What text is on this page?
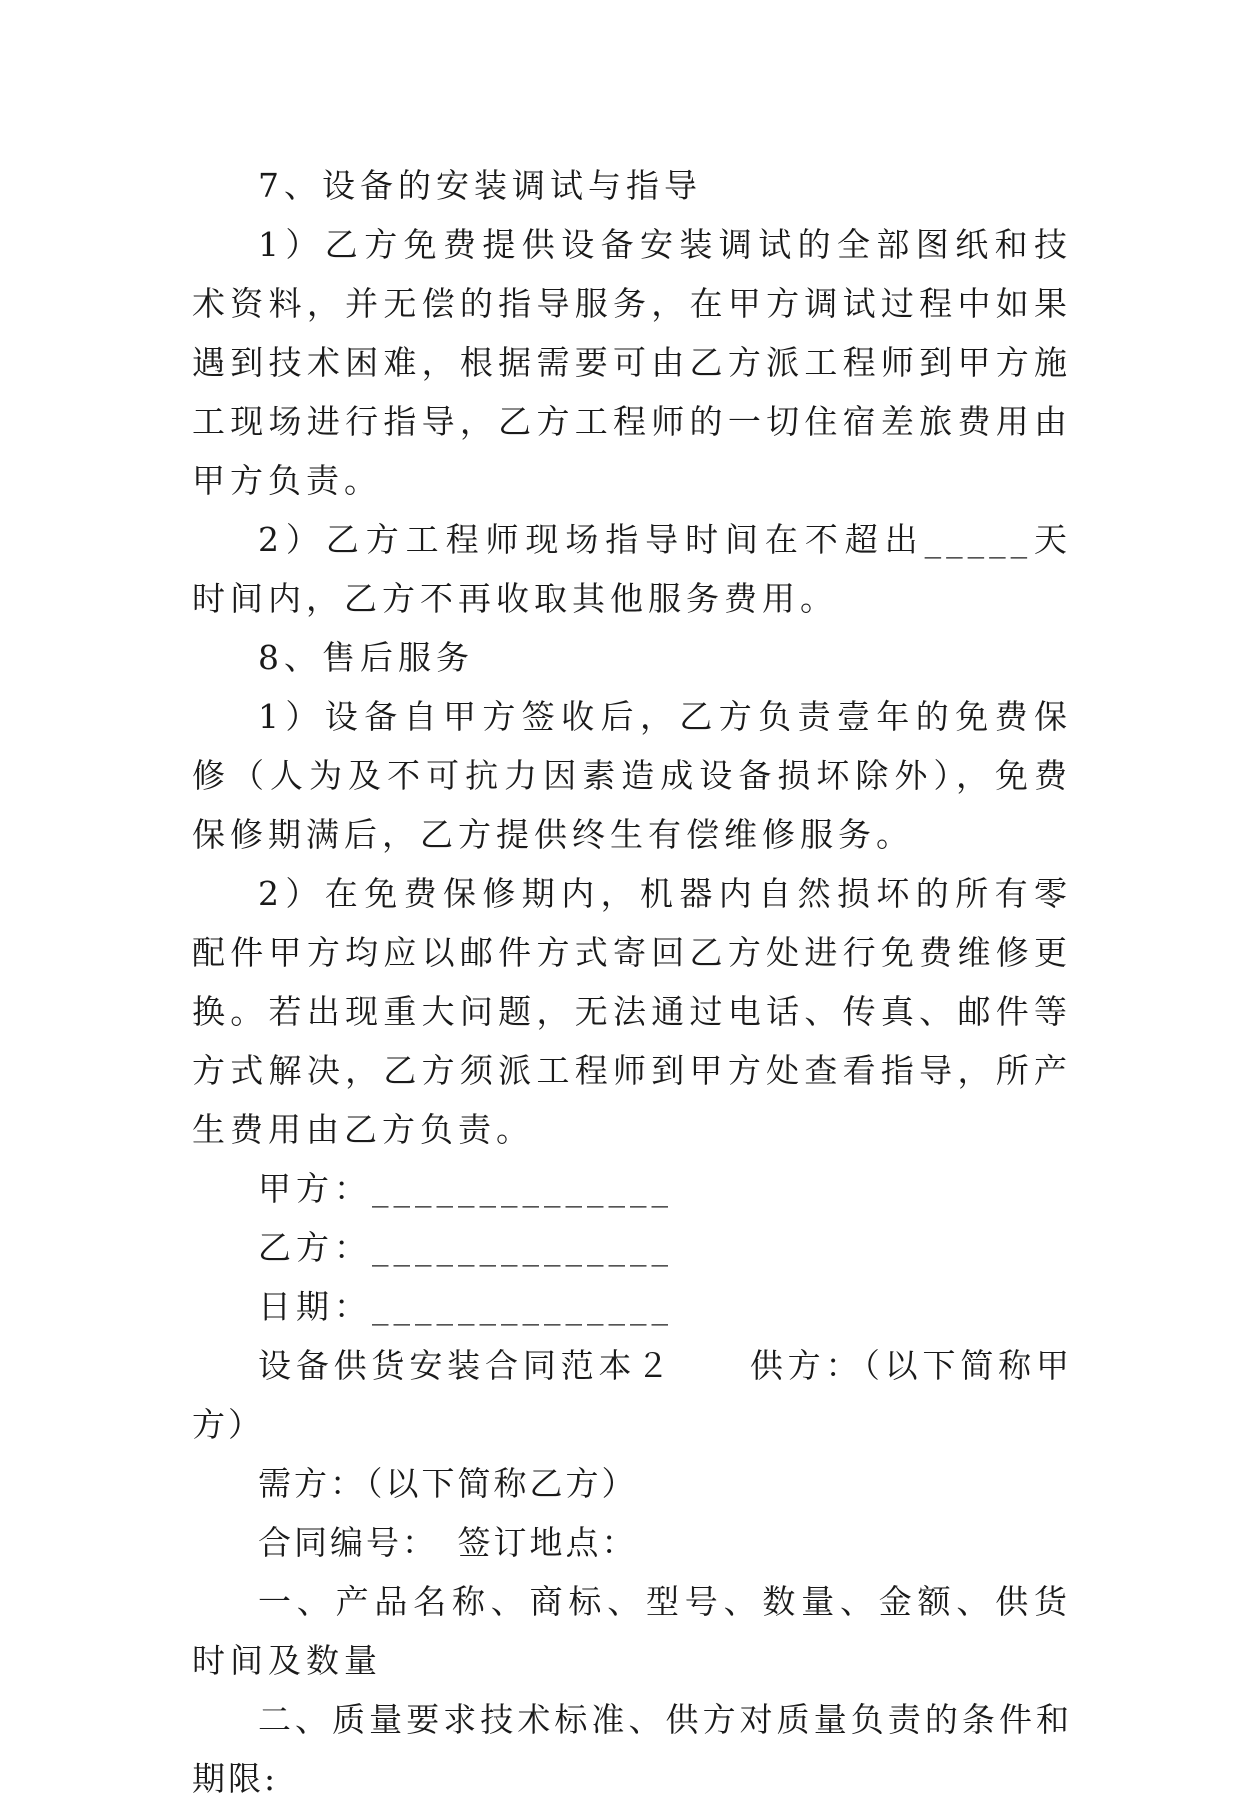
7、设备的安装调试与指导

1）乙方免费提供设备安装调试的全部图纸和技术资料，并无偿的指导服务，在甲方调试过程中如果遇到技术困难，根据需要可由乙方派工程师到甲方施工现场进行指导，乙方工程师的一切住宿差旅费用由甲方负责。

2）乙方工程师现场指导时间在不超出_____天时间内，乙方不再收取其他服务费用。

8、售后服务

1）设备自甲方签收后，乙方负责壹年的免费保修（人为及不可抗力因素造成设备损坏除外），免费保修期满后，乙方提供终生有偿维修服务。

2）在免费保修期内，机器内自然损坏的所有零配件甲方均应以邮件方式寄回乙方处进行免费维修更换。若出现重大问题，无法通过电话、传真、邮件等方式解决，乙方须派工程师到甲方处查看指导，所产生费用由乙方负责。

甲方：______________

乙方：______________

日期：______________

设备供货安装合同范本２　　供方：（以下简称甲方）

需方：（以下简称乙方）

合同编号：　签订地点：

一、产品名称、商标、型号、数量、金额、供货时间及数量

二、质量要求技术标准、供方对质量负责的条件和期限:
